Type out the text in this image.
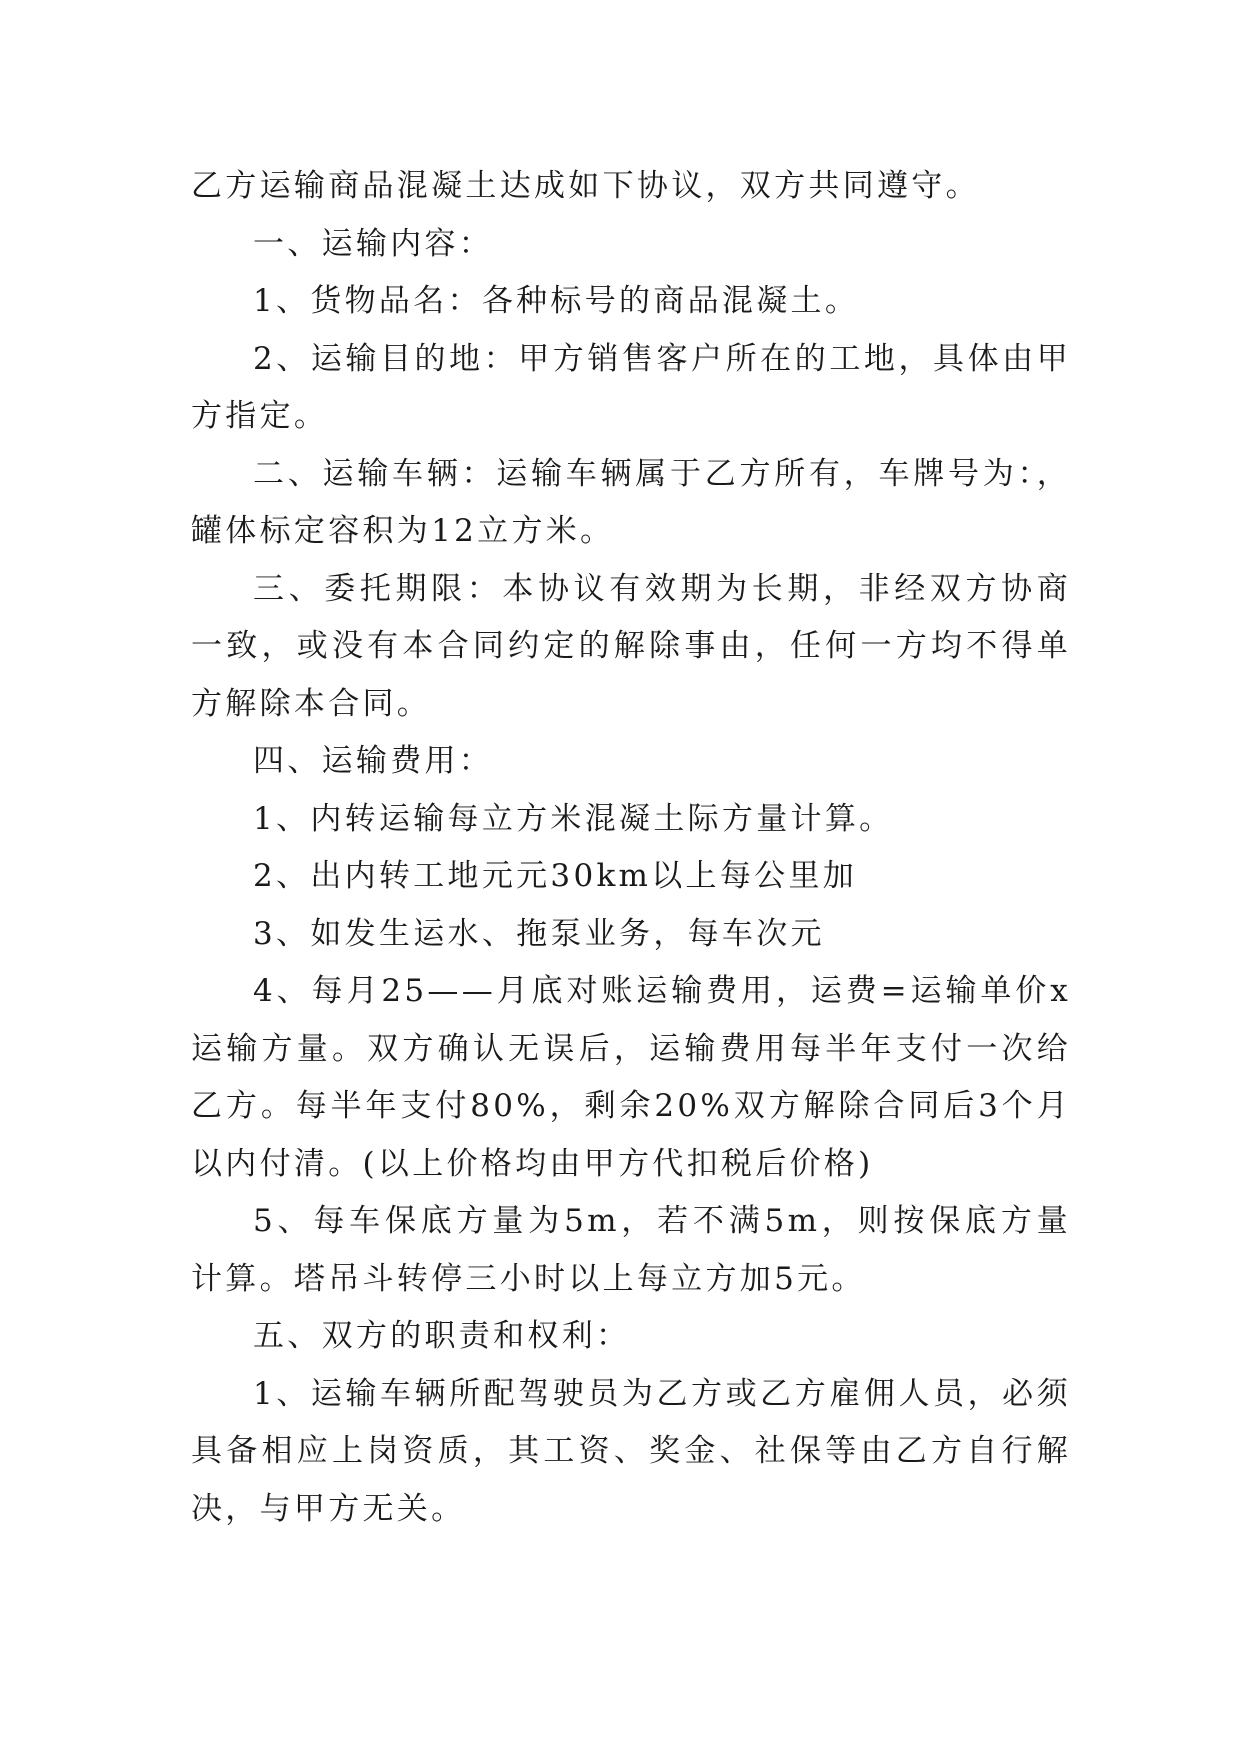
乙方运输商品混凝土达成如下协议，双方共同遵守。

一、运输内容：

1、货物品名：各种标号的商品混凝土。

2、运输目的地：甲方销售客户所在的工地，具体由甲方指定。

二、运输车辆：运输车辆属于乙方所有，车牌号为：，罐体标定容积为12立方米。

三、委托期限：本协议有效期为长期，非经双方协商一致，或没有本合同约定的解除事由，任何一方均不得单方解除本合同。

四、运输费用：

1、内转运输每立方米混凝土际方量计算。

2、出内转工地元元30km以上每公里加

3、如发生运水、拖泵业务，每车次元

4、每月25——月底对账运输费用，运费=运输单价x运输方量。双方确认无误后，运输费用每半年支付一次给乙方。每半年支付80%，剩余20%双方解除合同后3个月以内付清。(以上价格均由甲方代扣税后价格)

5、每车保底方量为5m，若不满5m，则按保底方量计算。塔吊斗转停三小时以上每立方加5元。

五、双方的职责和权利：

1、运输车辆所配驾驶员为乙方或乙方雇佣人员，必须具备相应上岗资质，其工资、奖金、社保等由乙方自行解决，与甲方无关。
